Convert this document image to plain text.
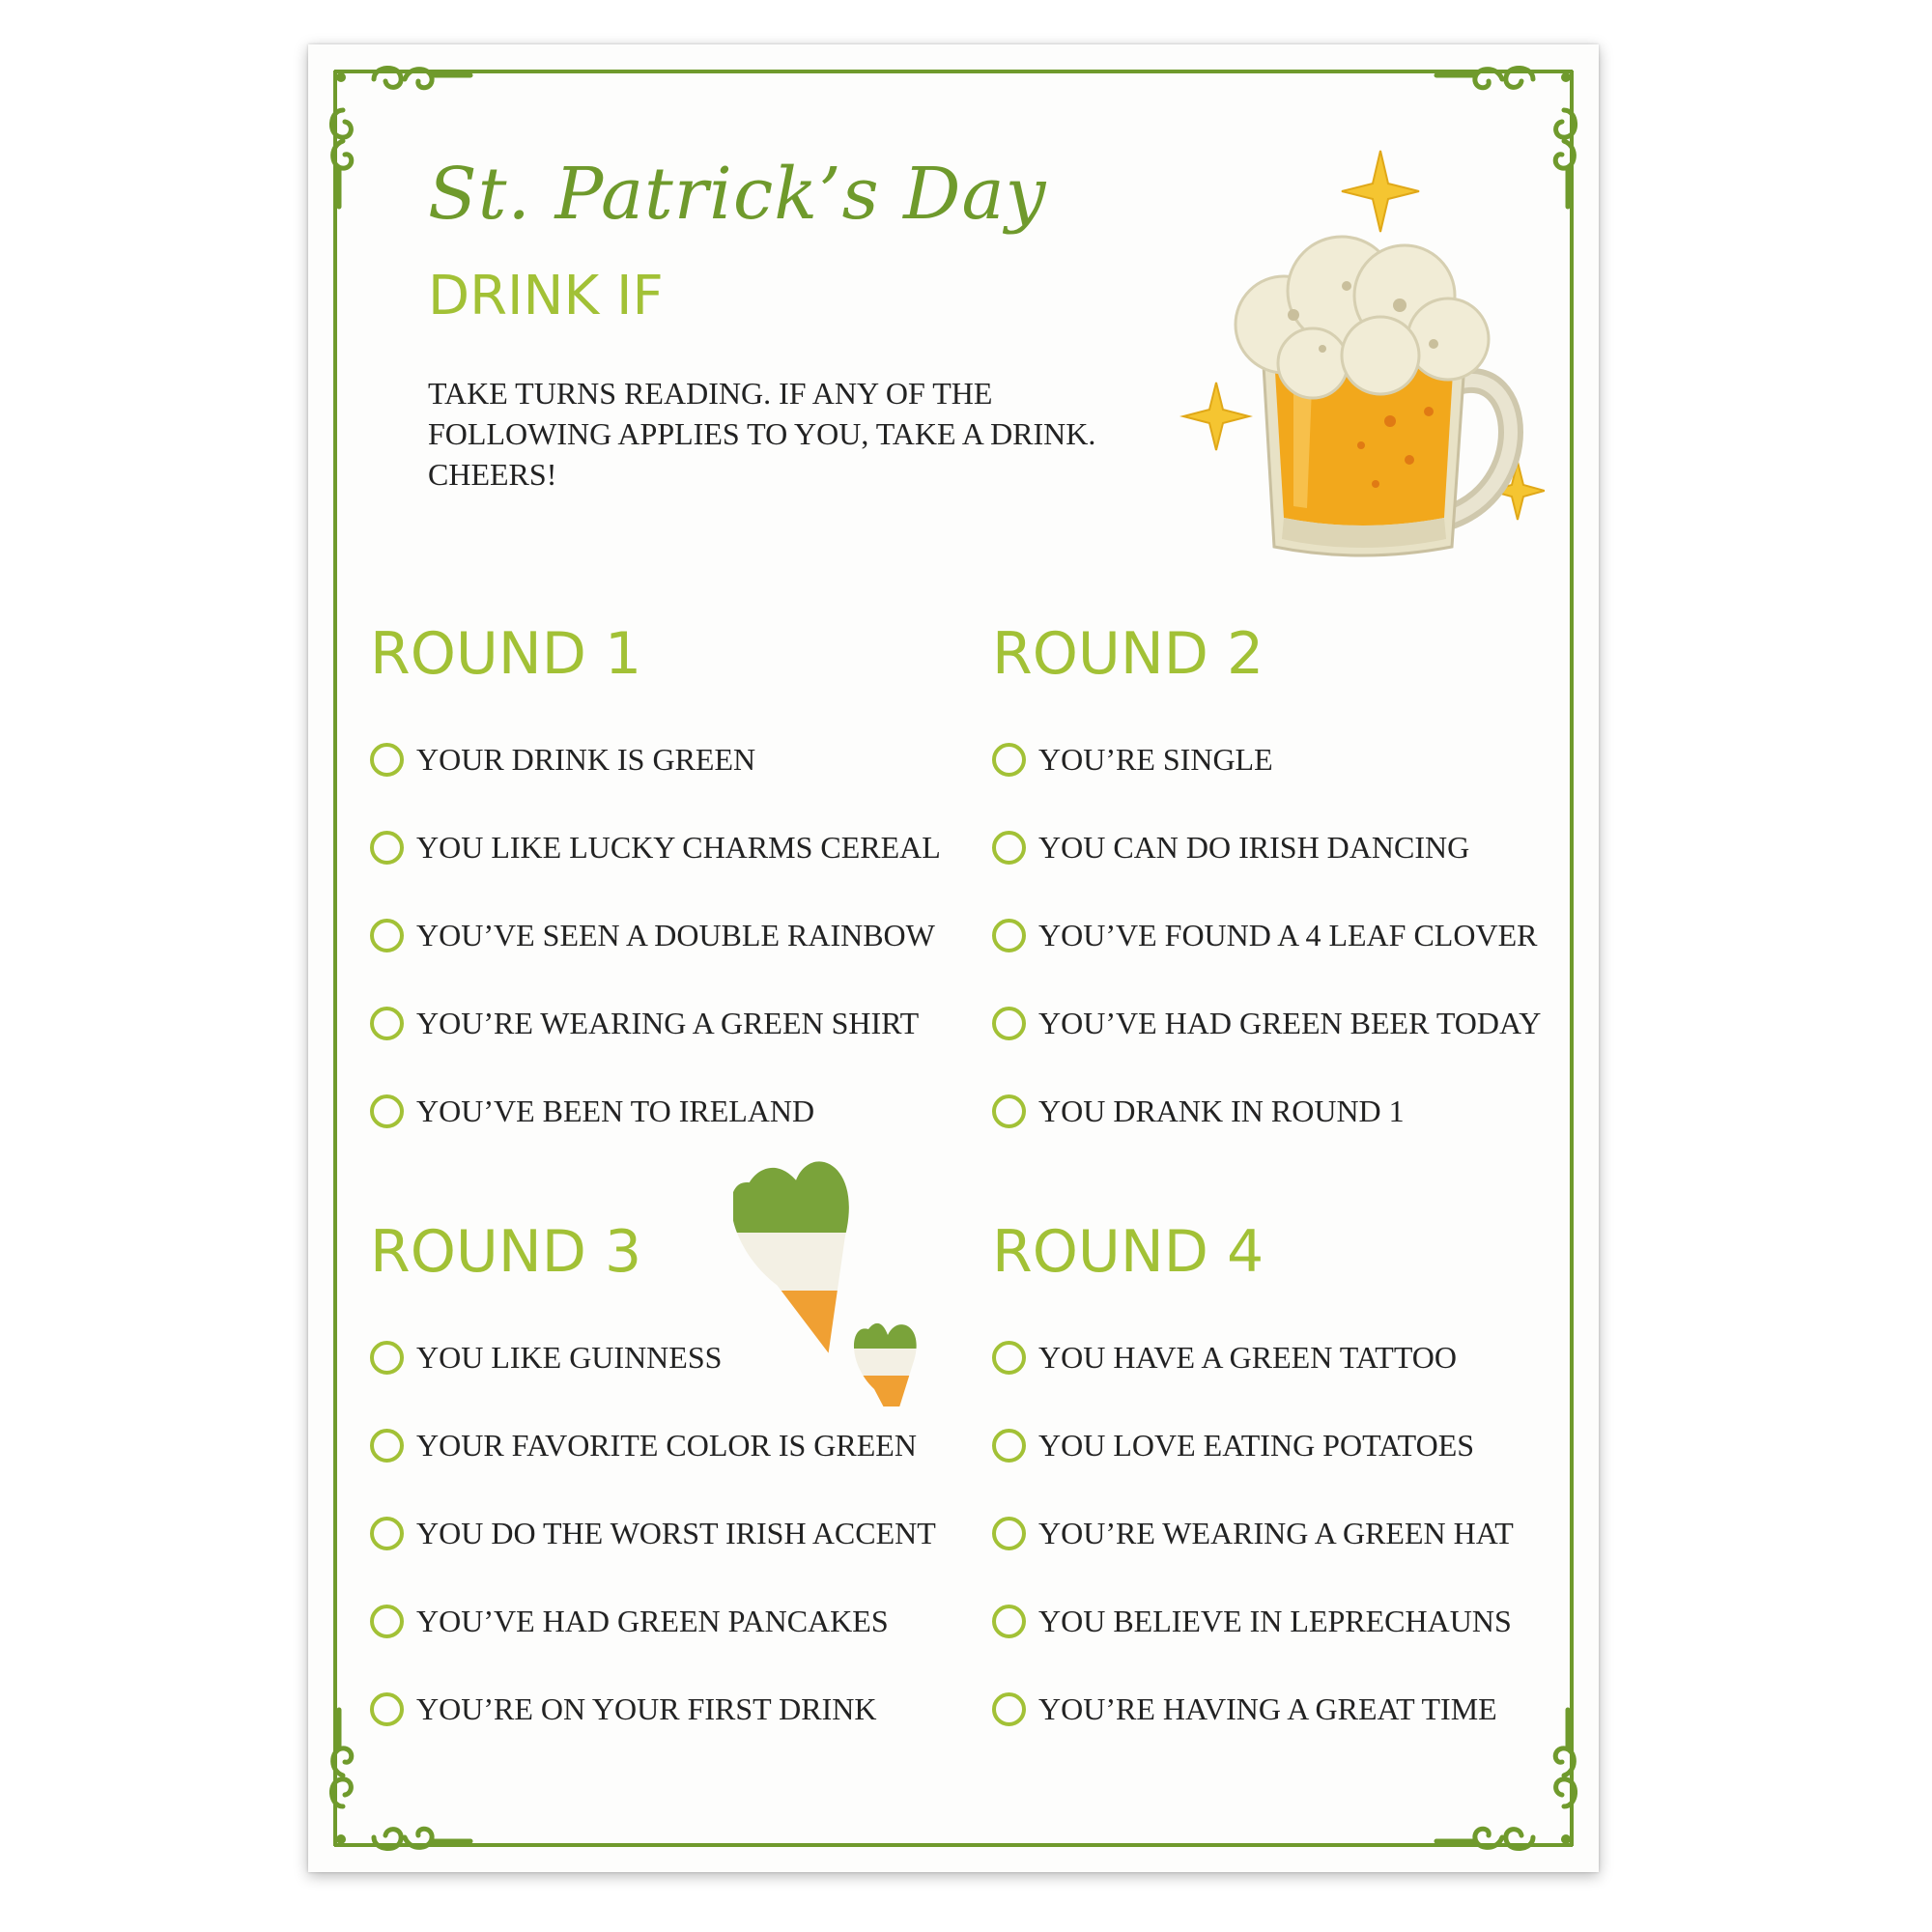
St. Patrick’s Day
DRINK IF

TAKE TURNS READING. IF ANY OF THE FOLLOWING APPLIES TO YOU, TAKE A DRINK. CHEERS!

ROUND 1
YOUR DRINK IS GREEN
YOU LIKE LUCKY CHARMS CEREAL
YOU’VE SEEN A DOUBLE RAINBOW
YOU’RE WEARING A GREEN SHIRT
YOU’VE BEEN TO IRELAND
ROUND 2
YOU’RE SINGLE
YOU CAN DO IRISH DANCING
YOU’VE FOUND A 4 LEAF CLOVER
YOU’VE HAD GREEN BEER TODAY
YOU DRANK IN ROUND 1
ROUND 3
YOU LIKE GUINNESS
YOUR FAVORITE COLOR IS GREEN
YOU DO THE WORST IRISH ACCENT
YOU’VE HAD GREEN PANCAKES
YOU’RE ON YOUR FIRST DRINK
ROUND 4
YOU HAVE A GREEN TATTOO
YOU LOVE EATING POTATOES
YOU’RE WEARING A GREEN HAT
YOU BELIEVE IN LEPRECHAUNS
YOU’RE HAVING A GREAT TIME
